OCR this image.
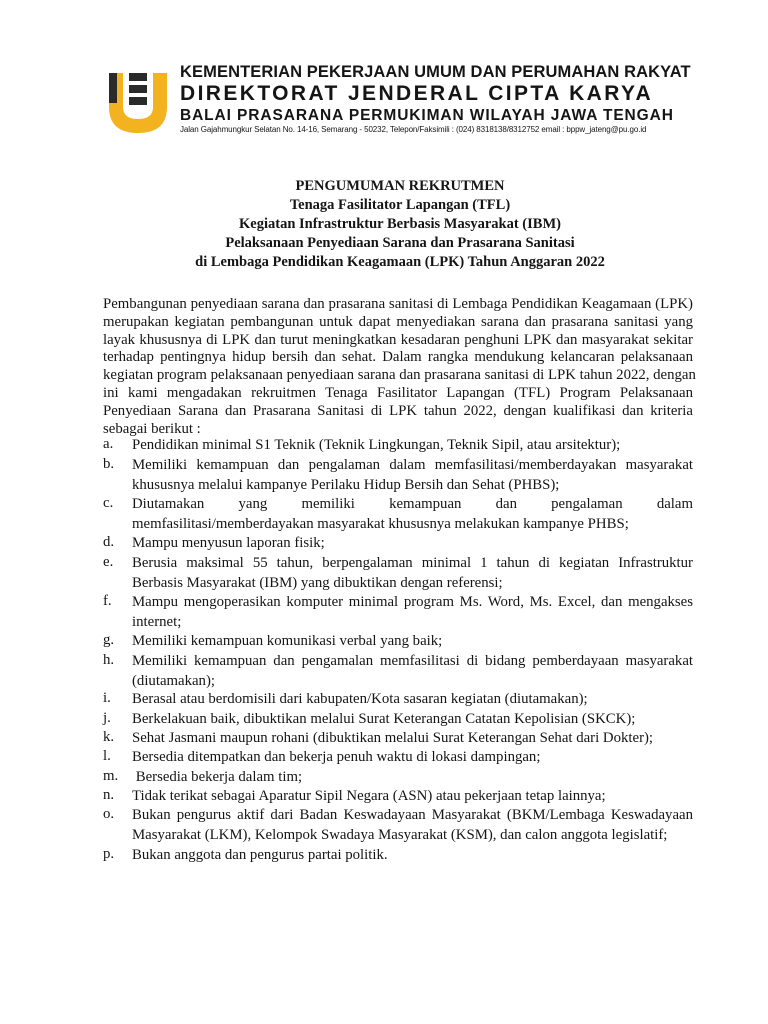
KEMENTERIAN PEKERJAAN UMUM DAN PERUMAHAN RAKYAT
DIREKTORAT JENDERAL CIPTA KARYA
BALAI PRASARANA PERMUKIMAN WILAYAH JAWA TENGAH
Jalan Gajahmungkur Selatan No. 14-16, Semarang - 50232, Telepon/Faksimili : (024) 8318138/8312752 email : bppw_jateng@pu.go.id
PENGUMUMAN REKRUTMEN
Tenaga Fasilitator Lapangan (TFL)
Kegiatan Infrastruktur Berbasis Masyarakat (IBM)
Pelaksanaan Penyediaan Sarana dan Prasarana Sanitasi
di Lembaga Pendidikan Keagamaan (LPK) Tahun Anggaran 2022
Pembangunan penyediaan sarana dan prasarana sanitasi di Lembaga Pendidikan Keagamaan (LPK)
merupakan kegiatan pembangunan untuk dapat menyediakan sarana dan prasarana sanitasi yang
layak khususnya di LPK dan turut meningkatkan kesadaran penghuni LPK dan masyarakat sekitar
terhadap pentingnya hidup bersih dan sehat. Dalam rangka mendukung kelancaran pelaksanaan
kegiatan program pelaksanaan penyediaan sarana dan prasarana sanitasi di LPK tahun 2022, dengan
ini kami mengadakan rekruitmen Tenaga Fasilitator Lapangan (TFL) Program Pelaksanaan
Penyediaan Sarana dan Prasarana Sanitasi di LPK tahun 2022, dengan kualifikasi dan kriteria
sebagai berikut :
a.	Pendidikan minimal S1 Teknik (Teknik Lingkungan, Teknik Sipil, atau arsitektur);
b.	Memiliki kemampuan dan pengalaman dalam memfasilitasi/memberdayakan masyarakat
khususnya melalui kampanye Perilaku Hidup Bersih dan Sehat (PHBS);
c.	Diutamakan yang memiliki kemampuan dan pengalaman dalam
memfasilitasi/memberdayakan masyarakat khususnya melakukan kampanye PHBS;
d.	Mampu menyusun laporan fisik;
e.	Berusia maksimal 55 tahun, berpengalaman minimal 1 tahun di kegiatan Infrastruktur
Berbasis Masyarakat (IBM) yang dibuktikan dengan referensi;
f.	Mampu mengoperasikan komputer minimal program Ms. Word, Ms. Excel, dan mengakses
internet;
g.	Memiliki kemampuan komunikasi verbal yang baik;
h.	Memiliki kemampuan dan pengamalan memfasilitasi di bidang pemberdayaan masyarakat
(diutamakan);
i.	Berasal atau berdomisili dari kabupaten/Kota sasaran kegiatan (diutamakan);
j.	Berkelakuan baik, dibuktikan melalui Surat Keterangan Catatan Kepolisian (SKCK);
k.	Sehat Jasmani maupun rohani (dibuktikan melalui Surat Keterangan Sehat dari Dokter);
l.	Bersedia ditempatkan dan bekerja penuh waktu di lokasi dampingan;
m. Bersedia bekerja dalam tim;
n.	Tidak terikat sebagai Aparatur Sipil Negara (ASN) atau pekerjaan tetap lainnya;
o.	Bukan pengurus aktif dari Badan Keswadayaan Masyarakat (BKM/Lembaga Keswadayaan
Masyarakat (LKM), Kelompok Swadaya Masyarakat (KSM), dan calon anggota legislatif;
p.	Bukan anggota dan pengurus partai politik.
